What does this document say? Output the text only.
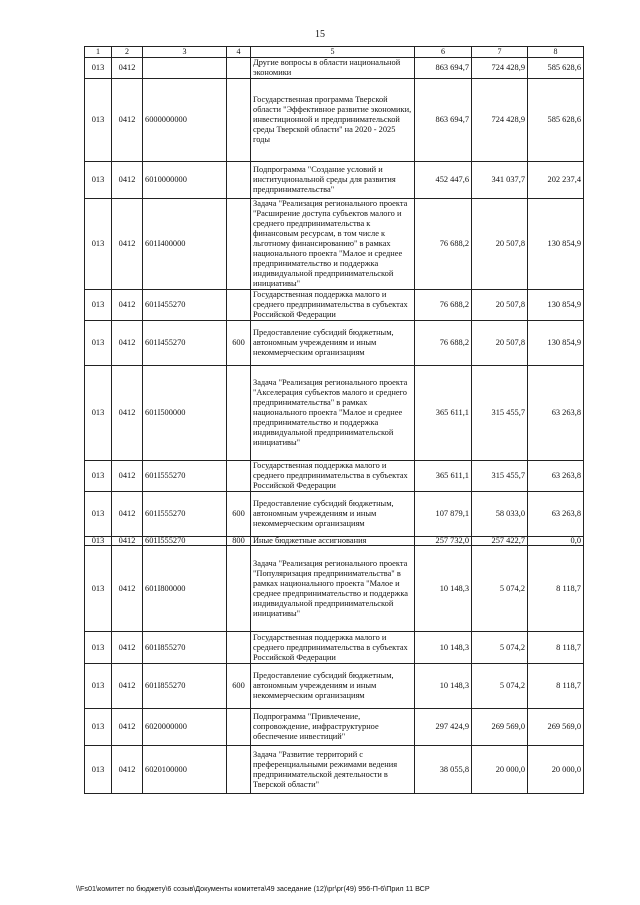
15
1	2	3	4	5	6	7	8
013	0412			Другие вопросы в области национальной экономики	863 694,7	724 428,9	585 628,6
013	0412	6000000000		Государственная программа Тверской области "Эффективное развитие экономики, инвестиционной и предпринимательской среды Тверской области" на 2020 - 2025 годы	863 694,7	724 428,9	585 628,6
013	0412	6010000000		Подпрограмма "Создание условий и институциональной среды для развития предпринимательства"	452 447,6	341 037,7	202 237,4
013	0412	601I400000		Задача "Реализация регионального проекта "Расширение доступа субъектов малого и среднего предпринимательства к финансовым ресурсам, в том числе к льготному финансированию" в рамках национального проекта "Малое и среднее предпринимательство и поддержка индивидуальной предпринимательской инициативы"	76 688,2	20 507,8	130 854,9
013	0412	601I455270		Государственная поддержка малого и среднего предпринимательства в субъектах Российской Федерации	76 688,2	20 507,8	130 854,9
013	0412	601I455270	600	Предоставление субсидий бюджетным, автономным учреждениям и иным некоммерческим организациям	76 688,2	20 507,8	130 854,9
013	0412	601I500000		Задача "Реализация регионального проекта "Акселерация субъектов малого и среднего предпринимательства" в рамках национального проекта "Малое и среднее предпринимательство и поддержка индивидуальной предпринимательской инициативы"	365 611,1	315 455,7	63 263,8
013	0412	601I555270		Государственная поддержка малого и среднего предпринимательства в субъектах Российской Федерации	365 611,1	315 455,7	63 263,8
013	0412	601I555270	600	Предоставление субсидий бюджетным, автономным учреждениям и иным некоммерческим организациям	107 879,1	58 033,0	63 263,8
013	0412	601I555270	800	Иные бюджетные ассигнования	257 732,0	257 422,7	0,0
013	0412	601I800000		Задача "Реализация регионального проекта "Популяризация предпринимательства" в рамках национального проекта "Малое и среднее предпринимательство и поддержка индивидуальной предпринимательской инициативы"	10 148,3	5 074,2	8 118,7
013	0412	601I855270		Государственная поддержка малого и среднего предпринимательства в субъектах Российской Федерации	10 148,3	5 074,2	8 118,7
013	0412	601I855270	600	Предоставление субсидий бюджетным, автономным учреждениям и иным некоммерческим организациям	10 148,3	5 074,2	8 118,7
013	0412	6020000000		Подпрограмма "Привлечение, сопровождение, инфраструктурное обеспечение инвестиций"	297 424,9	269 569,0	269 569,0
013	0412	6020100000		Задача "Развитие территорий с преференциальными режимами ведения предпринимательской деятельности в Тверской области"	38 055,8	20 000,0	20 000,0
\\Fs01\комитет по бюджету\6 созыв\Документы комитета\49 заседание (12)\рг\рг(49) 956-П-6\Прил 11 ВСР
